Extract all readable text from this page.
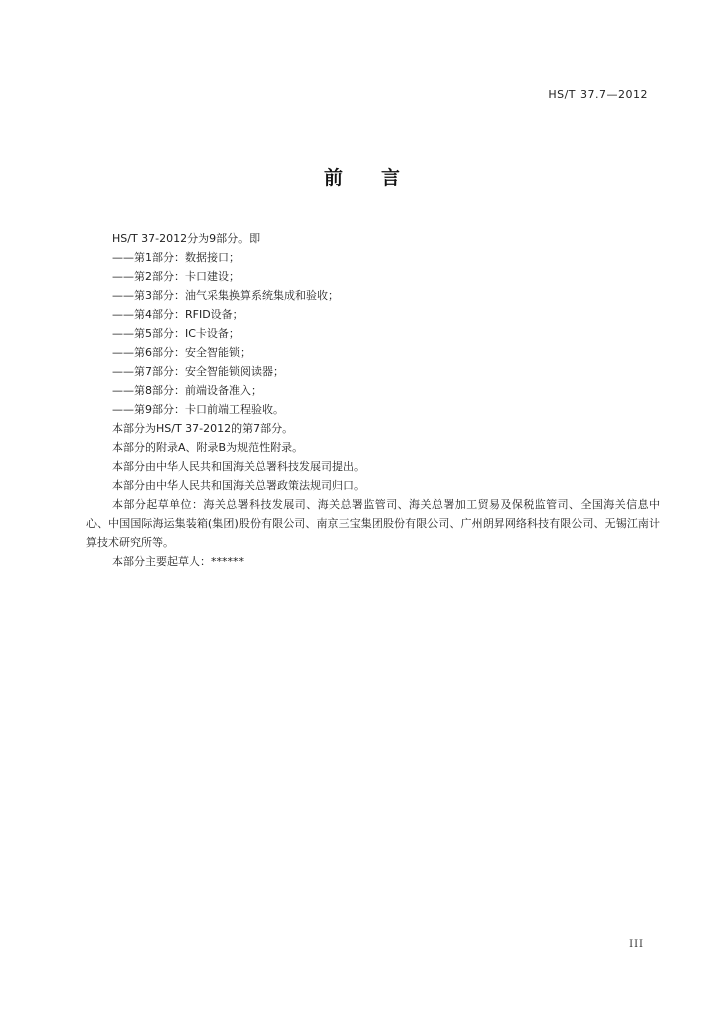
HS/T 37.7—2012
前 言
HS/T 37-2012分为9部分。即
——第1部分：数据接口；
——第2部分：卡口建设；
——第3部分：油气采集换算系统集成和验收；
——第4部分：RFID设备；
——第5部分：IC卡设备；
——第6部分：安全智能锁；
——第7部分：安全智能锁阅读器；
——第8部分：前端设备准入；
——第9部分：卡口前端工程验收。
本部分为HS/T 37-2012的第7部分。
本部分的附录A、附录B为规范性附录。
本部分由中华人民共和国海关总署科技发展司提出。
本部分由中华人民共和国海关总署政策法规司归口。
本部分起草单位：海关总署科技发展司、海关总署监管司、海关总署加工贸易及保税监管司、全国海关信息中心、中国国际海运集装箱(集团)股份有限公司、南京三宝集团股份有限公司、广州朗昇网络科技有限公司、无锡江南计算技术研究所等。
本部分主要起草人：******
III
